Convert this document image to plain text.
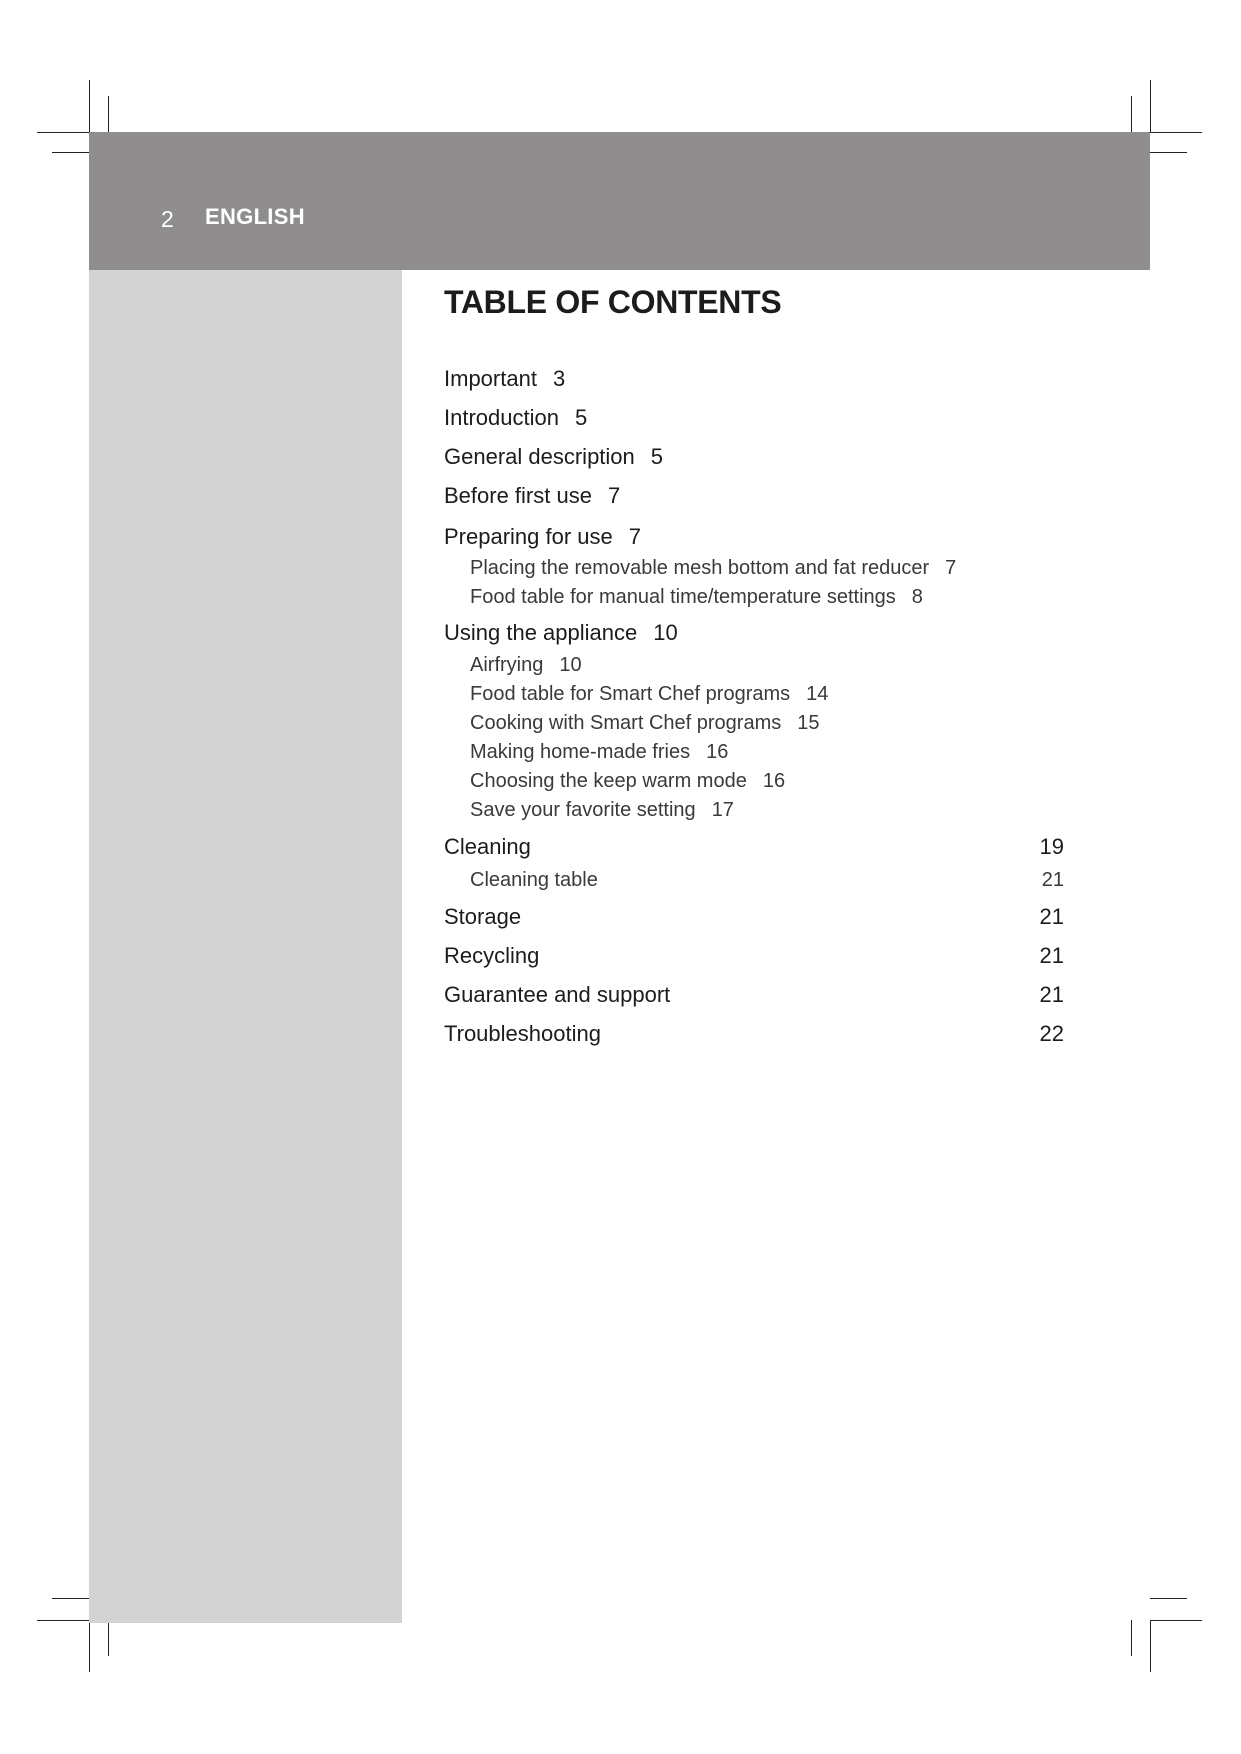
2 ENGLISH
TABLE OF CONTENTS
Important 3
Introduction 5
General description 5
Before first use 7
Preparing for use 7
Placing the removable mesh bottom and fat reducer 7
Food table for manual time/temperature settings 8
Using the appliance 10
Airfrying 10
Food table for Smart Chef programs 14
Cooking with Smart Chef programs 15
Making home-made fries 16
Choosing the keep warm mode 16
Save your favorite setting 17
Cleaning	19
Cleaning table	21
Storage	21
Recycling	21
Guarantee and support	21
Troubleshooting	22
